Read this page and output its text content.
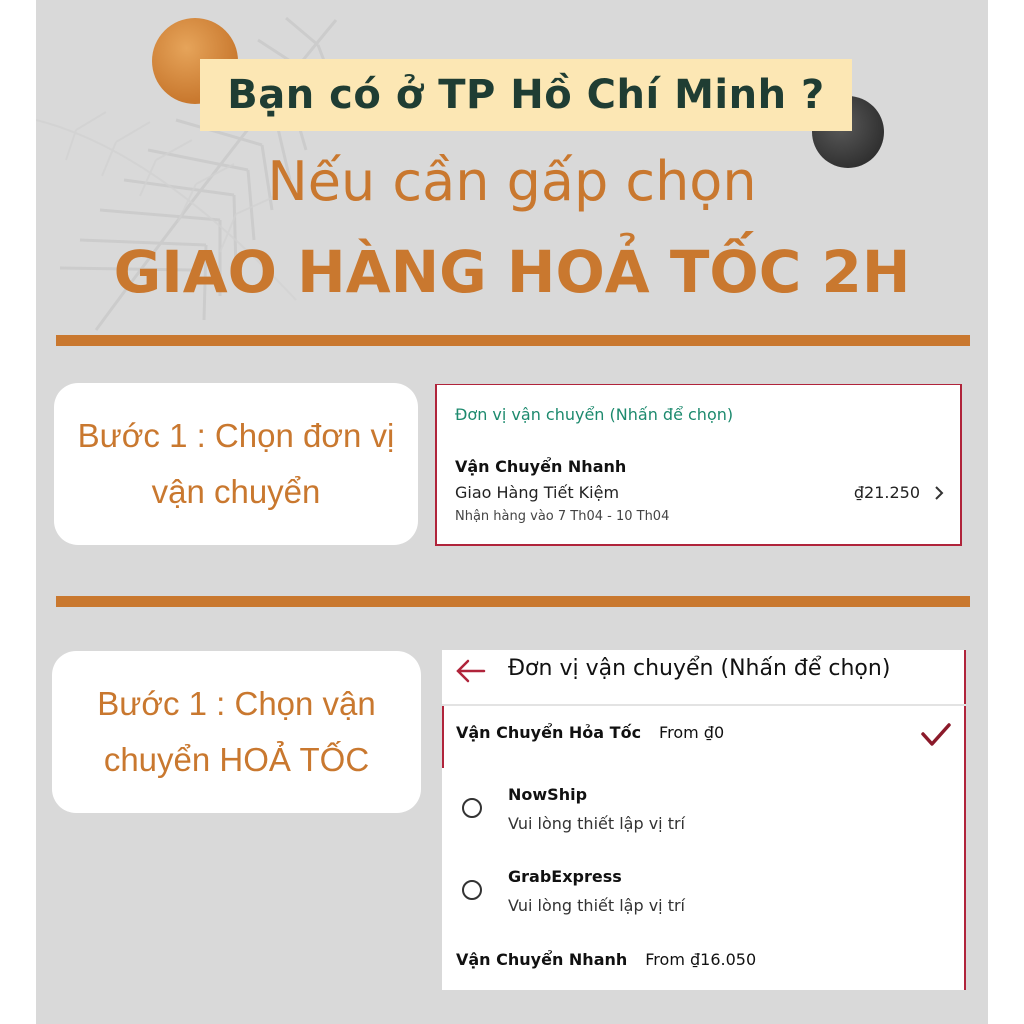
Bạn có ở TP Hồ Chí Minh ?
Nếu cần gấp chọn
GIAO HÀNG HOẢ TỐC 2H
Bước 1 : Chọn đơn vị vận chuyển
Đơn vị vận chuyển (Nhấn để chọn)
Vận Chuyển Nhanh
Giao Hàng Tiết Kiệm	₫21.250
Nhận hàng vào 7 Th04 - 10 Th04
Bước 1 : Chọn vận chuyển HOẢ TỐC
Đơn vị vận chuyển (Nhấn để chọn)
Vận Chuyển Hỏa Tốc From ₫0
NowShip
Vui lòng thiết lập vị trí
GrabExpress
Vui lòng thiết lập vị trí
Vận Chuyển Nhanh From ₫16.050
